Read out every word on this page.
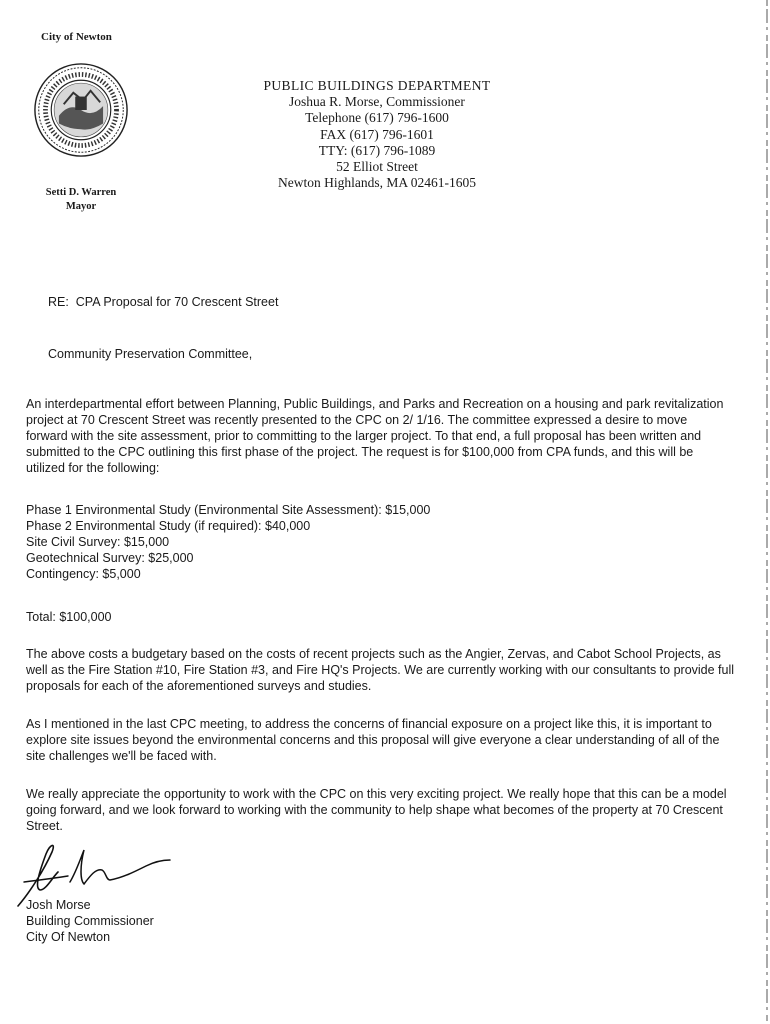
City of Newton
Setti D. Warren
Mayor
PUBLIC BUILDINGS DEPARTMENT
Joshua R. Morse, Commissioner
Telephone (617) 796-1600
FAX (617) 796-1601
TTY: (617) 796-1089
52 Elliot Street
Newton Highlands, MA 02461-1605
RE:  CPA Proposal for 70 Crescent Street
Community Preservation Committee,
An interdepartmental effort between Planning, Public Buildings, and Parks and Recreation on a housing and park revitalization
project at 70 Crescent Street was recently presented to the CPC on 2/ 1/16. The committee expressed a desire to move
forward with the site assessment, prior to committing to the larger project. To that end, a full proposal has been written and
submitted to the CPC outlining this first phase of the project. The request is for $100,000 from CPA funds, and this will be
utilized for the following:
Phase 1 Environmental Study (Environmental Site Assessment): $15,000
Phase 2 Environmental Study (if required): $40,000
Site Civil Survey: $15,000
Geotechnical Survey: $25,000
Contingency: $5,000
Total: $100,000
The above costs a budgetary based on the costs of recent projects such as the Angier, Zervas, and Cabot School Projects, as
well as the Fire Station #10, Fire Station #3, and Fire HQ's Projects. We are currently working with our consultants to provide full
proposals for each of the aforementioned surveys and studies.
As I mentioned in the last CPC meeting, to address the concerns of financial exposure on a project like this, it is important to
explore site issues beyond the environmental concerns and this proposal will give everyone a clear understanding of all of the
site challenges we'll be faced with.
We really appreciate the opportunity to work with the CPC on this very exciting project. We really hope that this can be a model
going forward, and we look forward to working with the community to help shape what becomes of the property at 70 Crescent
Street.
Josh Morse
Building Commissioner
City Of Newton
